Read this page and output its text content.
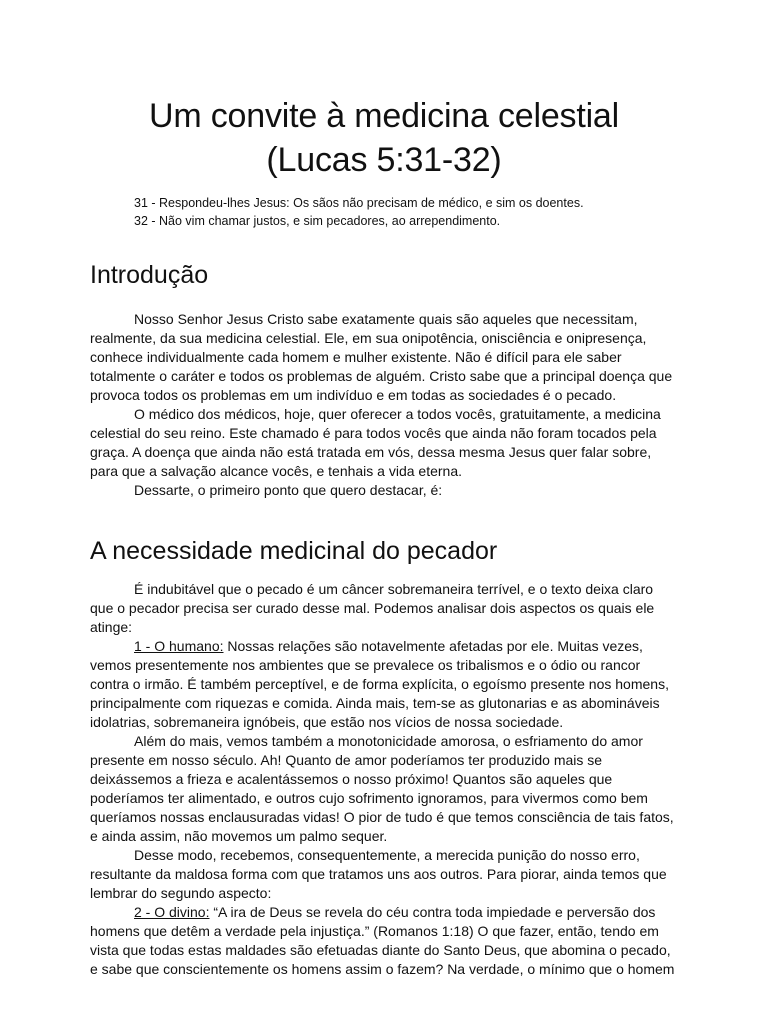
Um convite à medicina celestial
(Lucas 5:31-32)

31 - Respondeu-lhes Jesus: Os sãos não precisam de médico, e sim os doentes.

32 - Não vim chamar justos, e sim pecadores, ao arrependimento.

Introdução

Nosso Senhor Jesus Cristo sabe exatamente quais são aqueles que necessitam, realmente, da sua medicina celestial. Ele, em sua onipotência, onisciência e onipresença, conhece individualmente cada homem e mulher existente. Não é difícil para ele saber totalmente o caráter e todos os problemas de alguém. Cristo sabe que a principal doença que provoca todos os problemas em um indivíduo e em todas as sociedades é o pecado.

O médico dos médicos, hoje, quer oferecer a todos vocês, gratuitamente, a medicina celestial do seu reino. Este chamado é para todos vocês que ainda não foram tocados pela graça. A doença que ainda não está tratada em vós, dessa mesma Jesus quer falar sobre, para que a salvação alcance vocês, e tenhais a vida eterna.

Dessarte, o primeiro ponto que quero destacar, é:

A necessidade medicinal do pecador

É indubitável que o pecado é um câncer sobremaneira terrível, e o texto deixa claro que o pecador precisa ser curado desse mal. Podemos analisar dois aspectos os quais ele atinge:

1 - O humano: Nossas relações são notavelmente afetadas por ele. Muitas vezes, vemos presentemente nos ambientes que se prevalece os tribalismos e o ódio ou rancor contra o irmão. É também perceptível, e de forma explícita, o egoísmo presente nos homens, principalmente com riquezas e comida. Ainda mais, tem-se as glutonarias e as abomináveis idolatrias, sobremaneira ignóbeis, que estão nos vícios de nossa sociedade.

Além do mais, vemos também a monotonicidade amorosa, o esfriamento do amor presente em nosso século. Ah! Quanto de amor poderíamos ter produzido mais se deixássemos a frieza e acalentássemos o nosso próximo! Quantos são aqueles que poderíamos ter alimentado, e outros cujo sofrimento ignoramos, para vivermos como bem queríamos nossas enclausuradas vidas! O pior de tudo é que temos consciência de tais fatos, e ainda assim, não movemos um palmo sequer.

Desse modo, recebemos, consequentemente, a merecida punição do nosso erro, resultante da maldosa forma com que tratamos uns aos outros. Para piorar, ainda temos que lembrar do segundo aspecto:

2 - O divino: “A ira de Deus se revela do céu contra toda impiedade e perversão dos homens que detêm a verdade pela injustiça.” (Romanos 1:18) O que fazer, então, tendo em vista que todas estas maldades são efetuadas diante do Santo Deus, que abomina o pecado, e sabe que conscientemente os homens assim o fazem? Na verdade, o mínimo que o homem
